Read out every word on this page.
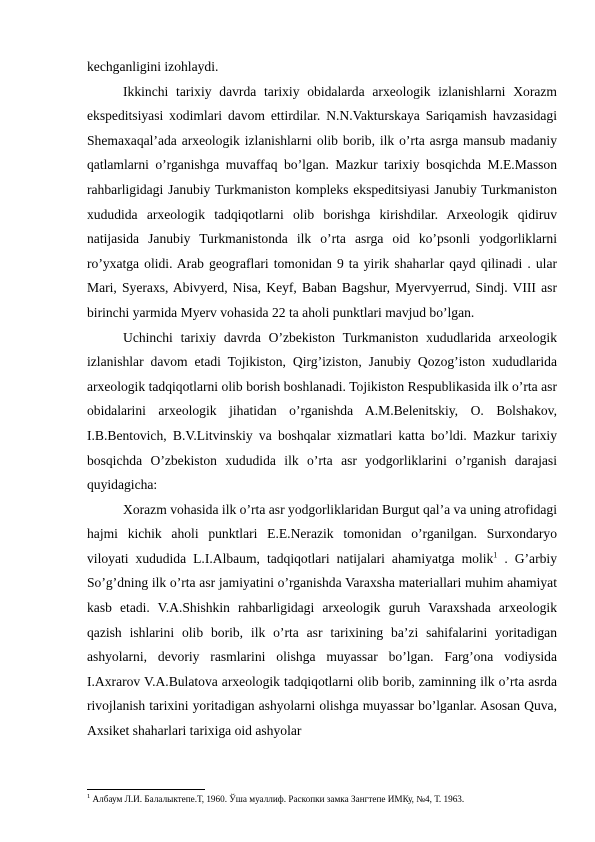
kechganligini izohlaydi.

Ikkinchi tarixiy davrda tarixiy obidalarda arxeologik izlanishlarni Xorazm ekspeditsiyasi xodimlari davom ettirdilar. N.N.Vakturskaya Sariqamish havzasidagi Shemaxaqal’ada arxeologik izlanishlarni olib borib, ilk o’rta asrga mansub madaniy qatlamlarni o’rganishga muvaffaq bo’lgan. Mazkur tarixiy bosqichda M.E.Masson rahbarligidagi Janubiy Turkmaniston kompleks ekspeditsiyasi Janubiy Turkmaniston xududida arxeologik tadqiqotlarni olib borishga kirishdilar. Arxeologik qidiruv natijasida Janubiy Turkmanistonda ilk o’rta asrga oid ko’psonli yodgorliklarni ro’yxatga olidi. Arab geograflari tomonidan 9 ta yirik shaharlar qayd qilinadi . ular Mari, Syeraxs, Abivyerd, Nisa, Keyf, Baban Bagshur, Myervyerrud, Sindj. VIII asr birinchi yarmida Myerv vohasida 22 ta aholi punktlari mavjud bo’lgan.

Uchinchi tarixiy davrda O’zbekiston Turkmaniston xududlarida arxeologik izlanishlar davom etadi Tojikiston, Qirg’iziston, Janubiy Qozog’iston xududlarida arxeologik tadqiqotlarni olib borish boshlanadi. Tojikiston Respublikasida ilk o’rta asr obidalarini arxeologik jihatidan o’rganishda A.M.Belenitskiy, O. Bolshakov, I.B.Bentovich, B.V.Litvinskiy va boshqalar xizmatlari katta bo’ldi. Mazkur tarixiy bosqichda O’zbekiston xududida ilk o’rta asr yodgorliklarini o’rganish darajasi quyidagicha:

Xorazm vohasida ilk o’rta asr yodgorliklaridan Burgut qal’a va uning atrofidagi hajmi kichik aholi punktlari E.E.Nerazik tomonidan o’rganilgan. Surxondaryo viloyati xududida L.I.Albaum, tadqiqotlari natijalari ahamiyatga molik$^1$ . G’arbiy So’g’dning ilk o’rta asr jamiyatini o’rganishda Varaxsha materiallari muhim ahamiyat kasb etadi. V.A.Shishkin rahbarligidagi arxeologik guruh Varaxshada arxeologik qazish ishlarini olib borib, ilk o’rta asr tarixining ba’zi sahifalarini yoritadigan ashyolarni, devoriy rasmlarini olishga muyassar bo’lgan. Farg’ona vodiysida I.Axrarov V.A.Bulatova arxeologik tadqiqotlarni olib borib, zaminning ilk o’rta asrda rivojlanish tarixini yoritadigan ashyolarni olishga muyassar bo’lganlar. Asosan Quva, Axsiket shaharlari tarixiga oid ashyolar

$^1$ Албаум Л.И. Балалыктепе.Т, 1960. Ўша муаллиф. Раскопки замка Зангтепе ИМКу, №4, Т. 1963.
